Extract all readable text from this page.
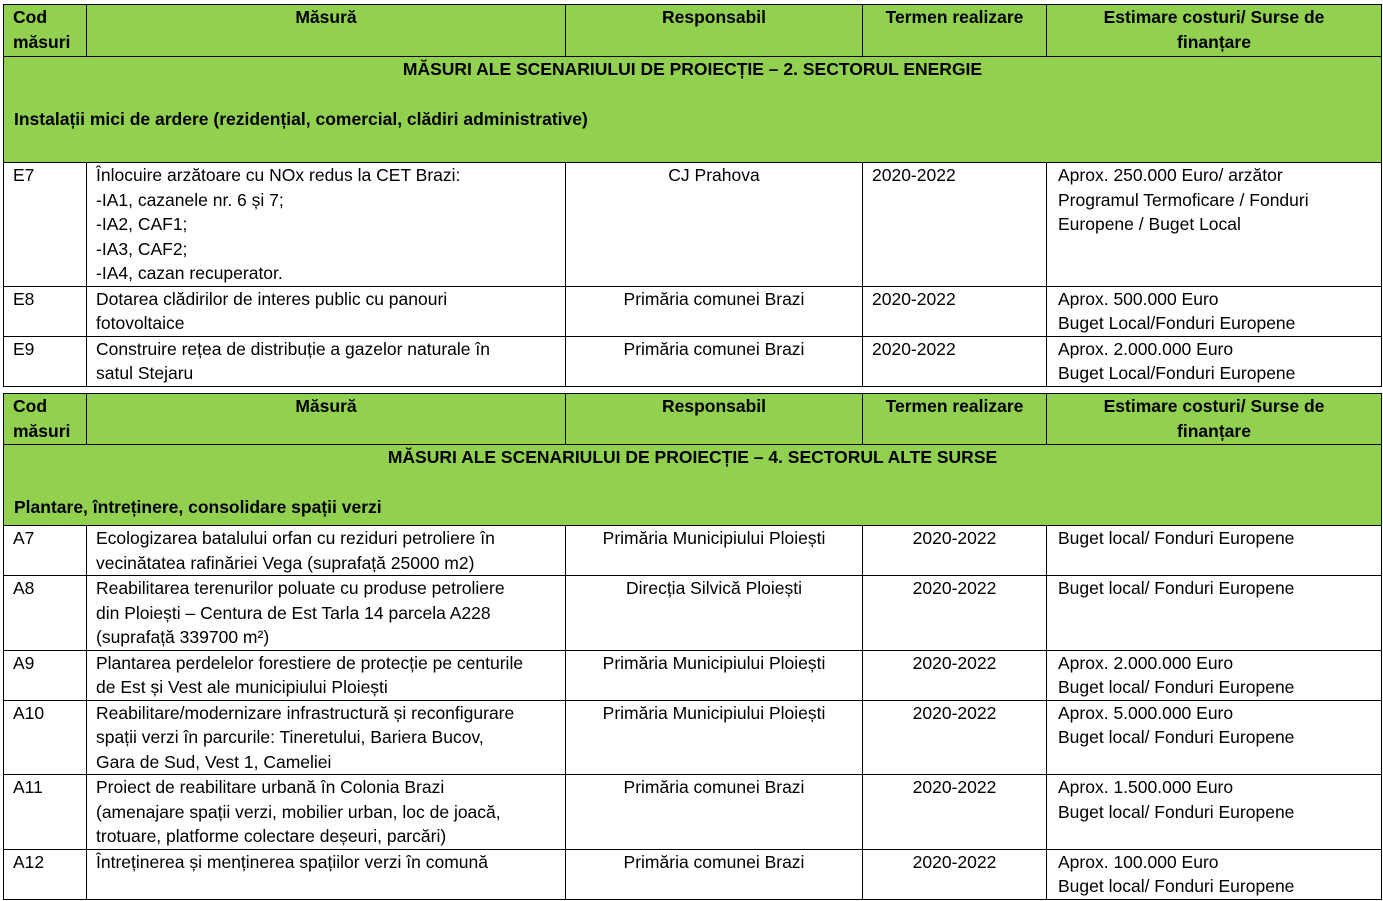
Cod măsuri	Măsură	Responsabil	Termen realizare	Estimare costuri/ Surse de finanțare

MĂSURI ALE SCENARIULUI DE PROIECȚIE – 2. SECTORUL ENERGIE
Instalații mici de ardere (rezidențial, comercial, clădiri administrative)				

E7	Înlocuire arzătoare cu NOx redus la CET Brazi:
-IA1, cazanele nr. 6 și 7;
-IA2, CAF1;
-IA3, CAF2;
-IA4, cazan recuperator.	CJ Prahova	2020-2022	Aprox. 250.000 Euro/ arzător
Programul Termoficare / Fonduri
Europene / Buget Local

E8	Dotarea clădirilor de interes public cu panouri
fotovoltaice	Primăria comunei Brazi	2020-2022	Aprox. 500.000 Euro
Buget Local/Fonduri Europene

E9	Construire rețea de distribuție a gazelor naturale în
satul Stejaru	Primăria comunei Brazi	2020-2022	Aprox. 2.000.000 Euro
Buget Local/Fonduri Europene
Cod măsuri	Măsură	Responsabil	Termen realizare	Estimare costuri/ Surse de finanțare

MĂSURI ALE SCENARIULUI DE PROIECȚIE – 4. SECTORUL ALTE SURSE
Plantare, întreținere, consolidare spații verzi				

A7	Ecologizarea batalului orfan cu reziduri petroliere în
vecinătatea rafinăriei Vega (suprafață 25000 m2)	Primăria Municipiului Ploiești	2020-2022	Buget local/ Fonduri Europene

A8	Reabilitarea terenurilor poluate cu produse petroliere
din Ploiești – Centura de Est Tarla 14 parcela A228
(suprafață 339700 m²)	Direcția Silvică Ploiești	2020-2022	Buget local/ Fonduri Europene

A9	Plantarea perdelelor forestiere de protecție pe centurile
de Est și Vest ale municipiului Ploiești	Primăria Municipiului Ploiești	2020-2022	Aprox. 2.000.000 Euro
Buget local/ Fonduri Europene

A10	Reabilitare/modernizare infrastructură și reconfigurare
spații verzi în parcurile: Tineretului, Bariera Bucov,
Gara de Sud, Vest 1, Cameliei	Primăria Municipiului Ploiești	2020-2022	Aprox. 5.000.000 Euro
Buget local/ Fonduri Europene

A11	Proiect de reabilitare urbană în Colonia Brazi
(amenajare spații verzi, mobilier urban, loc de joacă,
trotuare, platforme colectare deșeuri, parcări)	Primăria comunei Brazi	2020-2022	Aprox. 1.500.000 Euro
Buget local/ Fonduri Europene

A12	Întreținerea și menținerea spațiilor verzi în comună	Primăria comunei Brazi	2020-2022	Aprox. 100.000 Euro
Buget local/ Fonduri Europene
